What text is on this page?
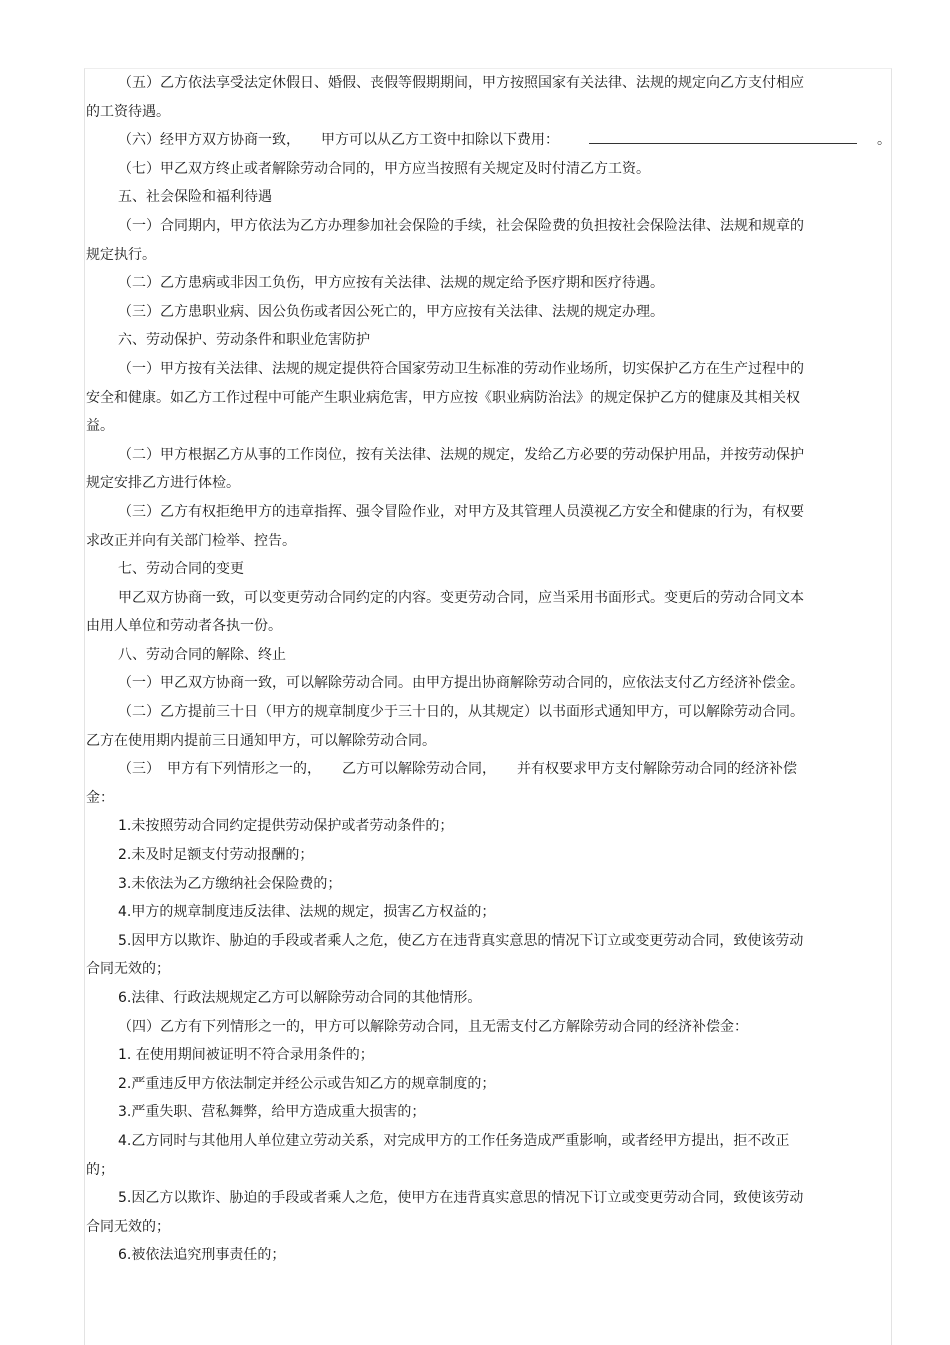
（五）乙方依法享受法定休假日、婚假、丧假等假期期间，甲方按照国家有关法律、法规的规定向乙方支付相应的工资待遇。

（六）经甲方双方协商一致，　　甲方可以从乙方工资中扣除以下费用：	。

（七）甲乙双方终止或者解除劳动合同的，甲方应当按照有关规定及时付清乙方工资。

五、社会保险和福利待遇

（一）合同期内，甲方依法为乙方办理参加社会保险的手续，社会保险费的负担按社会保险法律、法规和规章的规定执行。

（二）乙方患病或非因工负伤，甲方应按有关法律、法规的规定给予医疗期和医疗待遇。

（三）乙方患职业病、因公负伤或者因公死亡的，甲方应按有关法律、法规的规定办理。

六、劳动保护、劳动条件和职业危害防护

（一）甲方按有关法律、法规的规定提供符合国家劳动卫生标准的劳动作业场所，切实保护乙方在生产过程中的安全和健康。如乙方工作过程中可能产生职业病危害，甲方应按《职业病防治法》的规定保护乙方的健康及其相关权益。

（二）甲方根据乙方从事的工作岗位，按有关法律、法规的规定，发给乙方必要的劳动保护用品，并按劳动保护规定安排乙方进行体检。

（三）乙方有权拒绝甲方的违章指挥、强令冒险作业，对甲方及其管理人员漠视乙方安全和健康的行为，有权要求改正并向有关部门检举、控告。

七、劳动合同的变更

甲乙双方协商一致，可以变更劳动合同约定的内容。变更劳动合同，应当采用书面形式。变更后的劳动合同文本由用人单位和劳动者各执一份。

八、劳动合同的解除、终止

（一）甲乙双方协商一致，可以解除劳动合同。由甲方提出协商解除劳动合同的，应依法支付乙方经济补偿金。

（二）乙方提前三十日（甲方的规章制度少于三十日的，从其规定）以书面形式通知甲方，可以解除劳动合同。乙方在使用期内提前三日通知甲方，可以解除劳动合同。

（三）　甲方有下列情形之一的，　　乙方可以解除劳动合同，　　并有权要求甲方支付解除劳动合同的经济补偿金：

1.未按照劳动合同约定提供劳动保护或者劳动条件的；

2.未及时足额支付劳动报酬的；

3.未依法为乙方缴纳社会保险费的；

4.甲方的规章制度违反法律、法规的规定，损害乙方权益的；

5.因甲方以欺诈、胁迫的手段或者乘人之危，使乙方在违背真实意思的情况下订立或变更劳动合同，致使该劳动合同无效的；

6.法律、行政法规规定乙方可以解除劳动合同的其他情形。

（四）乙方有下列情形之一的，甲方可以解除劳动合同，且无需支付乙方解除劳动合同的经济补偿金：

1. 在使用期间被证明不符合录用条件的；

2.严重违反甲方依法制定并经公示或告知乙方的规章制度的；

3.严重失职、营私舞弊，给甲方造成重大损害的；

4.乙方同时与其他用人单位建立劳动关系，对完成甲方的工作任务造成严重影响，或者经甲方提出，拒不改正的；

5.因乙方以欺诈、胁迫的手段或者乘人之危，使甲方在违背真实意思的情况下订立或变更劳动合同，致使该劳动合同无效的；

6.被依法追究刑事责任的；
